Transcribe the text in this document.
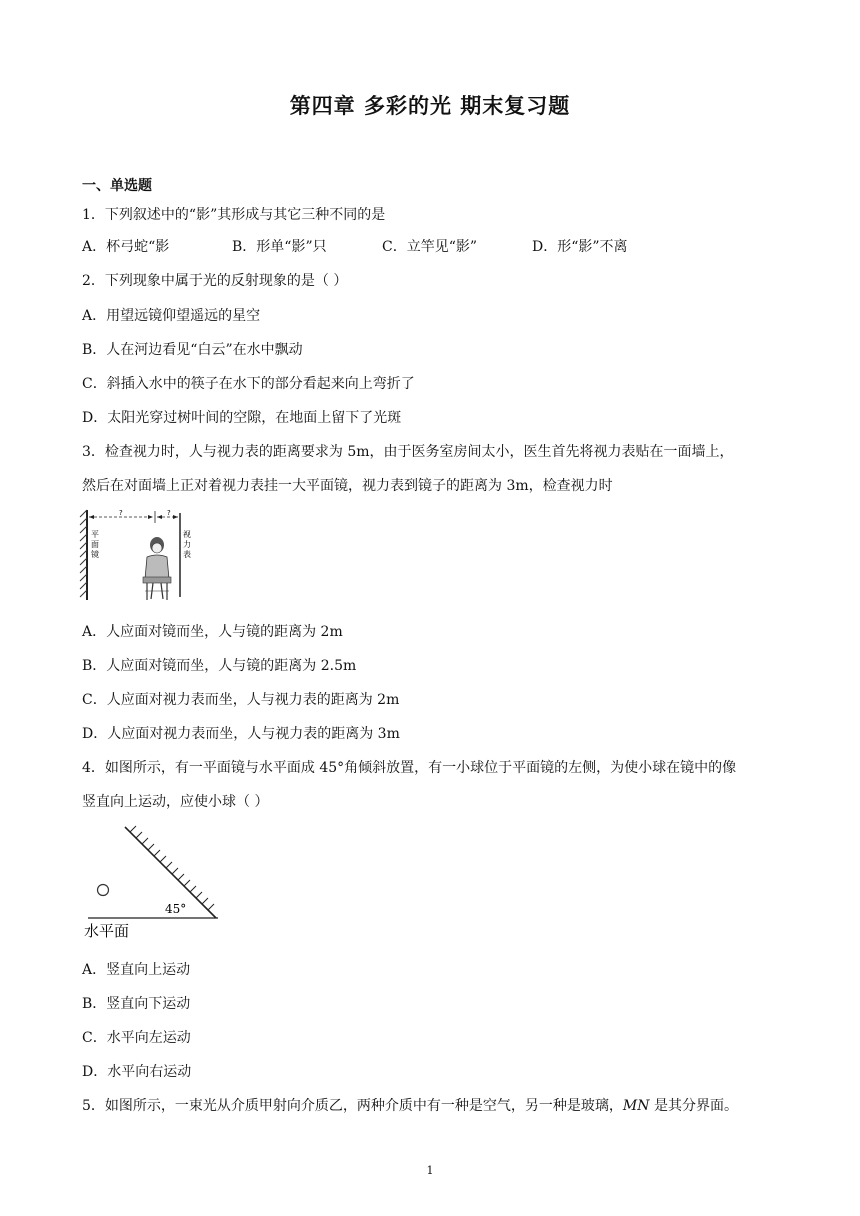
第四章 多彩的光 期末复习题
一、单选题
1．下列叙述中的“影”其形成与其它三种不同的是
A．杯弓蛇“影	B．形单“影”只	C．立竿见“影”	D．形“影”不离
2．下列现象中属于光的反射现象的是（ ）
A．用望远镜仰望遥远的星空
B．人在河边看见“白云”在水中飘动
C．斜插入水中的筷子在水下的部分看起来向上弯折了
D．太阳光穿过树叶间的空隙，在地面上留下了光斑
3．检查视力时，人与视力表的距离要求为 5m，由于医务室房间太小，医生首先将视力表贴在一面墙上，
然后在对面墙上正对着视力表挂一大平面镜，视力表到镜子的距离为 3m，检查视力时
?	?
平 面 镜
视 力 表
A．人应面对镜而坐，人与镜的距离为 2m
B．人应面对镜而坐，人与镜的距离为 2.5m
C．人应面对视力表而坐，人与视力表的距离为 2m
D．人应面对视力表而坐，人与视力表的距离为 3m
4．如图所示，有一平面镜与水平面成 45°角倾斜放置，有一小球位于平面镜的左侧，为使小球在镜中的像
竖直向上运动，应使小球（ ）
45°
水平面
A．竖直向上运动
B．竖直向下运动
C．水平向左运动
D．水平向右运动
5．如图所示，一束光从介质甲射向介质乙，两种介质中有一种是空气，另一种是玻璃，MN 是其分界面。
1
